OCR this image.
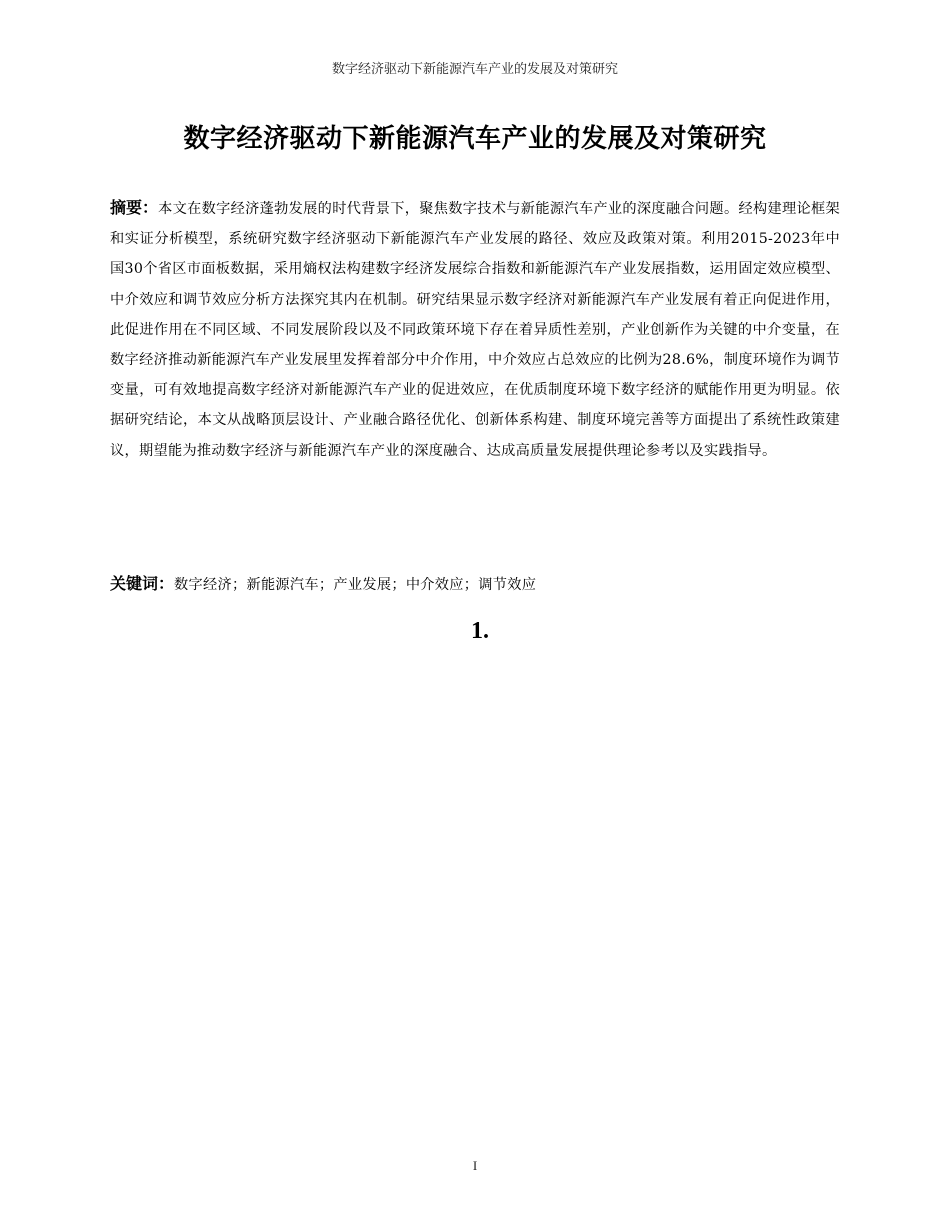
数字经济驱动下新能源汽车产业的发展及对策研究
数字经济驱动下新能源汽车产业的发展及对策研究
摘要：本文在数字经济蓬勃发展的时代背景下，聚焦数字技术与新能源汽车产业的深度融合问题。经构建理论框架和实证分析模型，系统研究数字经济驱动下新能源汽车产业发展的路径、效应及政策对策。利用2015-2023年中国30个省区市面板数据，采用熵权法构建数字经济发展综合指数和新能源汽车产业发展指数，运用固定效应模型、中介效应和调节效应分析方法探究其内在机制。研究结果显示数字经济对新能源汽车产业发展有着正向促进作用，此促进作用在不同区域、不同发展阶段以及不同政策环境下存在着异质性差别，产业创新作为关键的中介变量，在数字经济推动新能源汽车产业发展里发挥着部分中介作用，中介效应占总效应的比例为28.6%，制度环境作为调节变量，可有效地提高数字经济对新能源汽车产业的促进效应，在优质制度环境下数字经济的赋能作用更为明显。依据研究结论，本文从战略顶层设计、产业融合路径优化、创新体系构建、制度环境完善等方面提出了系统性政策建议，期望能为推动数字经济与新能源汽车产业的深度融合、达成高质量发展提供理论参考以及实践指导。
关键词：数字经济；新能源汽车；产业发展；中介效应；调节效应
1.
I
